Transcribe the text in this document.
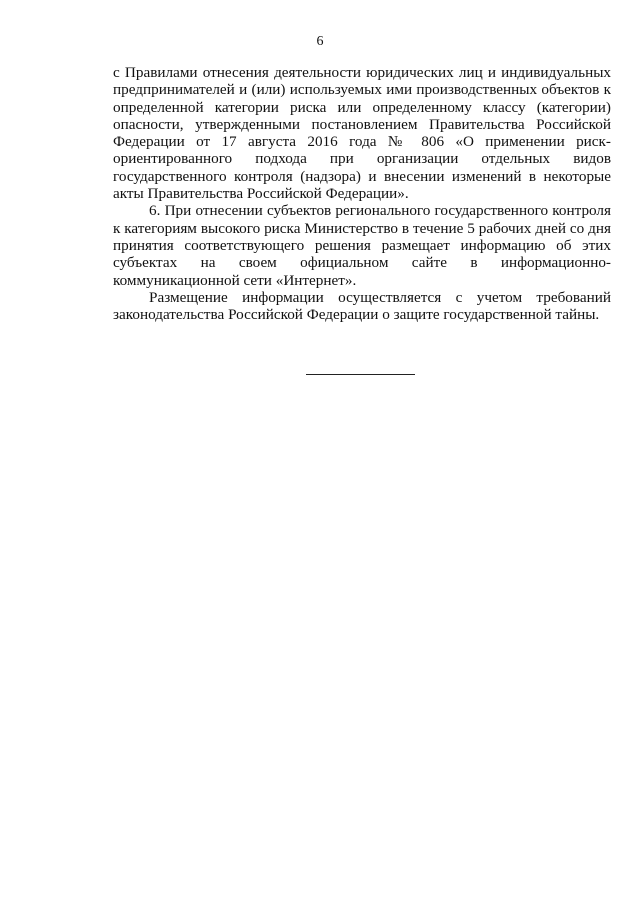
6

с Правилами отнесения деятельности юридических лиц и индивидуальных предпринимателей и (или) используемых ими производственных объектов к определенной категории риска или определенному классу (категории) опасности, утвержденными постановлением Правительства Российской Федерации от 17 августа 2016 года № 806 «О применении риск-ориентированного подхода при организации отдельных видов государственного контроля (надзора) и внесении изменений в некоторые акты Правительства Российской Федерации».

6. При отнесении субъектов регионального государственного контроля к категориям высокого риска Министерство в течение 5 рабочих дней со дня принятия соответствующего решения размещает информацию об этих субъектах на своем официальном сайте в информационно-коммуникационной сети «Интернет».

Размещение информации осуществляется с учетом требований законодательства Российской Федерации о защите государственной тайны.
